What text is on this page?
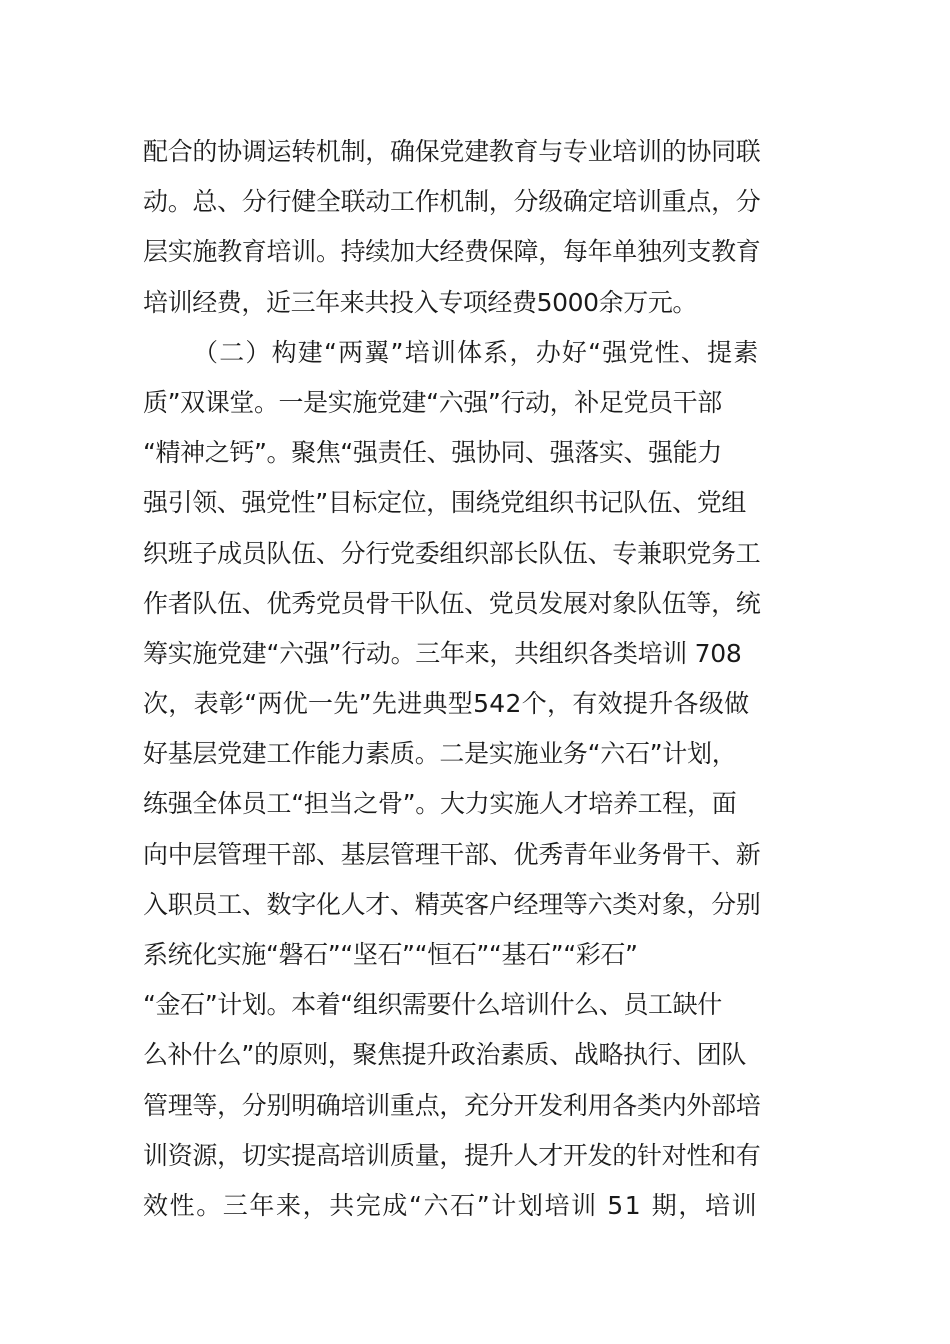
配合的协调运转机制，确保党建教育与专业培训的协同联
动。总、分行健全联动工作机制，分级确定培训重点，分
层实施教育培训。持续加大经费保障，每年单独列支教育
培训经费，近三年来共投入专项经费5000余万元。
（二）构建“两翼”培训体系，办好“强党性、提素
质”双课堂。一是实施党建“六强”行动，补足党员干部
“精神之钙”。聚焦“强责任、强协同、强落实、强能力
强引领、强党性”目标定位，围绕党组织书记队伍、党组
织班子成员队伍、分行党委组织部长队伍、专兼职党务工
作者队伍、优秀党员骨干队伍、党员发展对象队伍等，统
筹实施党建“六强”行动。三年来，共组织各类培训 708
次，表彰“两优一先”先进典型542个，有效提升各级做
好基层党建工作能力素质。二是实施业务“六石”计划，
练强全体员工“担当之骨”。大力实施人才培养工程，面
向中层管理干部、基层管理干部、优秀青年业务骨干、新
入职员工、数字化人才、精英客户经理等六类对象，分别
系统化实施“磐石”“坚石”“恒石”“基石”“彩石”
“金石”计划。本着“组织需要什么培训什么、员工缺什
么补什么”的原则，聚焦提升政治素质、战略执行、团队
管理等，分别明确培训重点，充分开发利用各类内外部培
训资源，切实提高培训质量，提升人才开发的针对性和有
效性。三年来，共完成“六石”计划培训 51 期，培训
